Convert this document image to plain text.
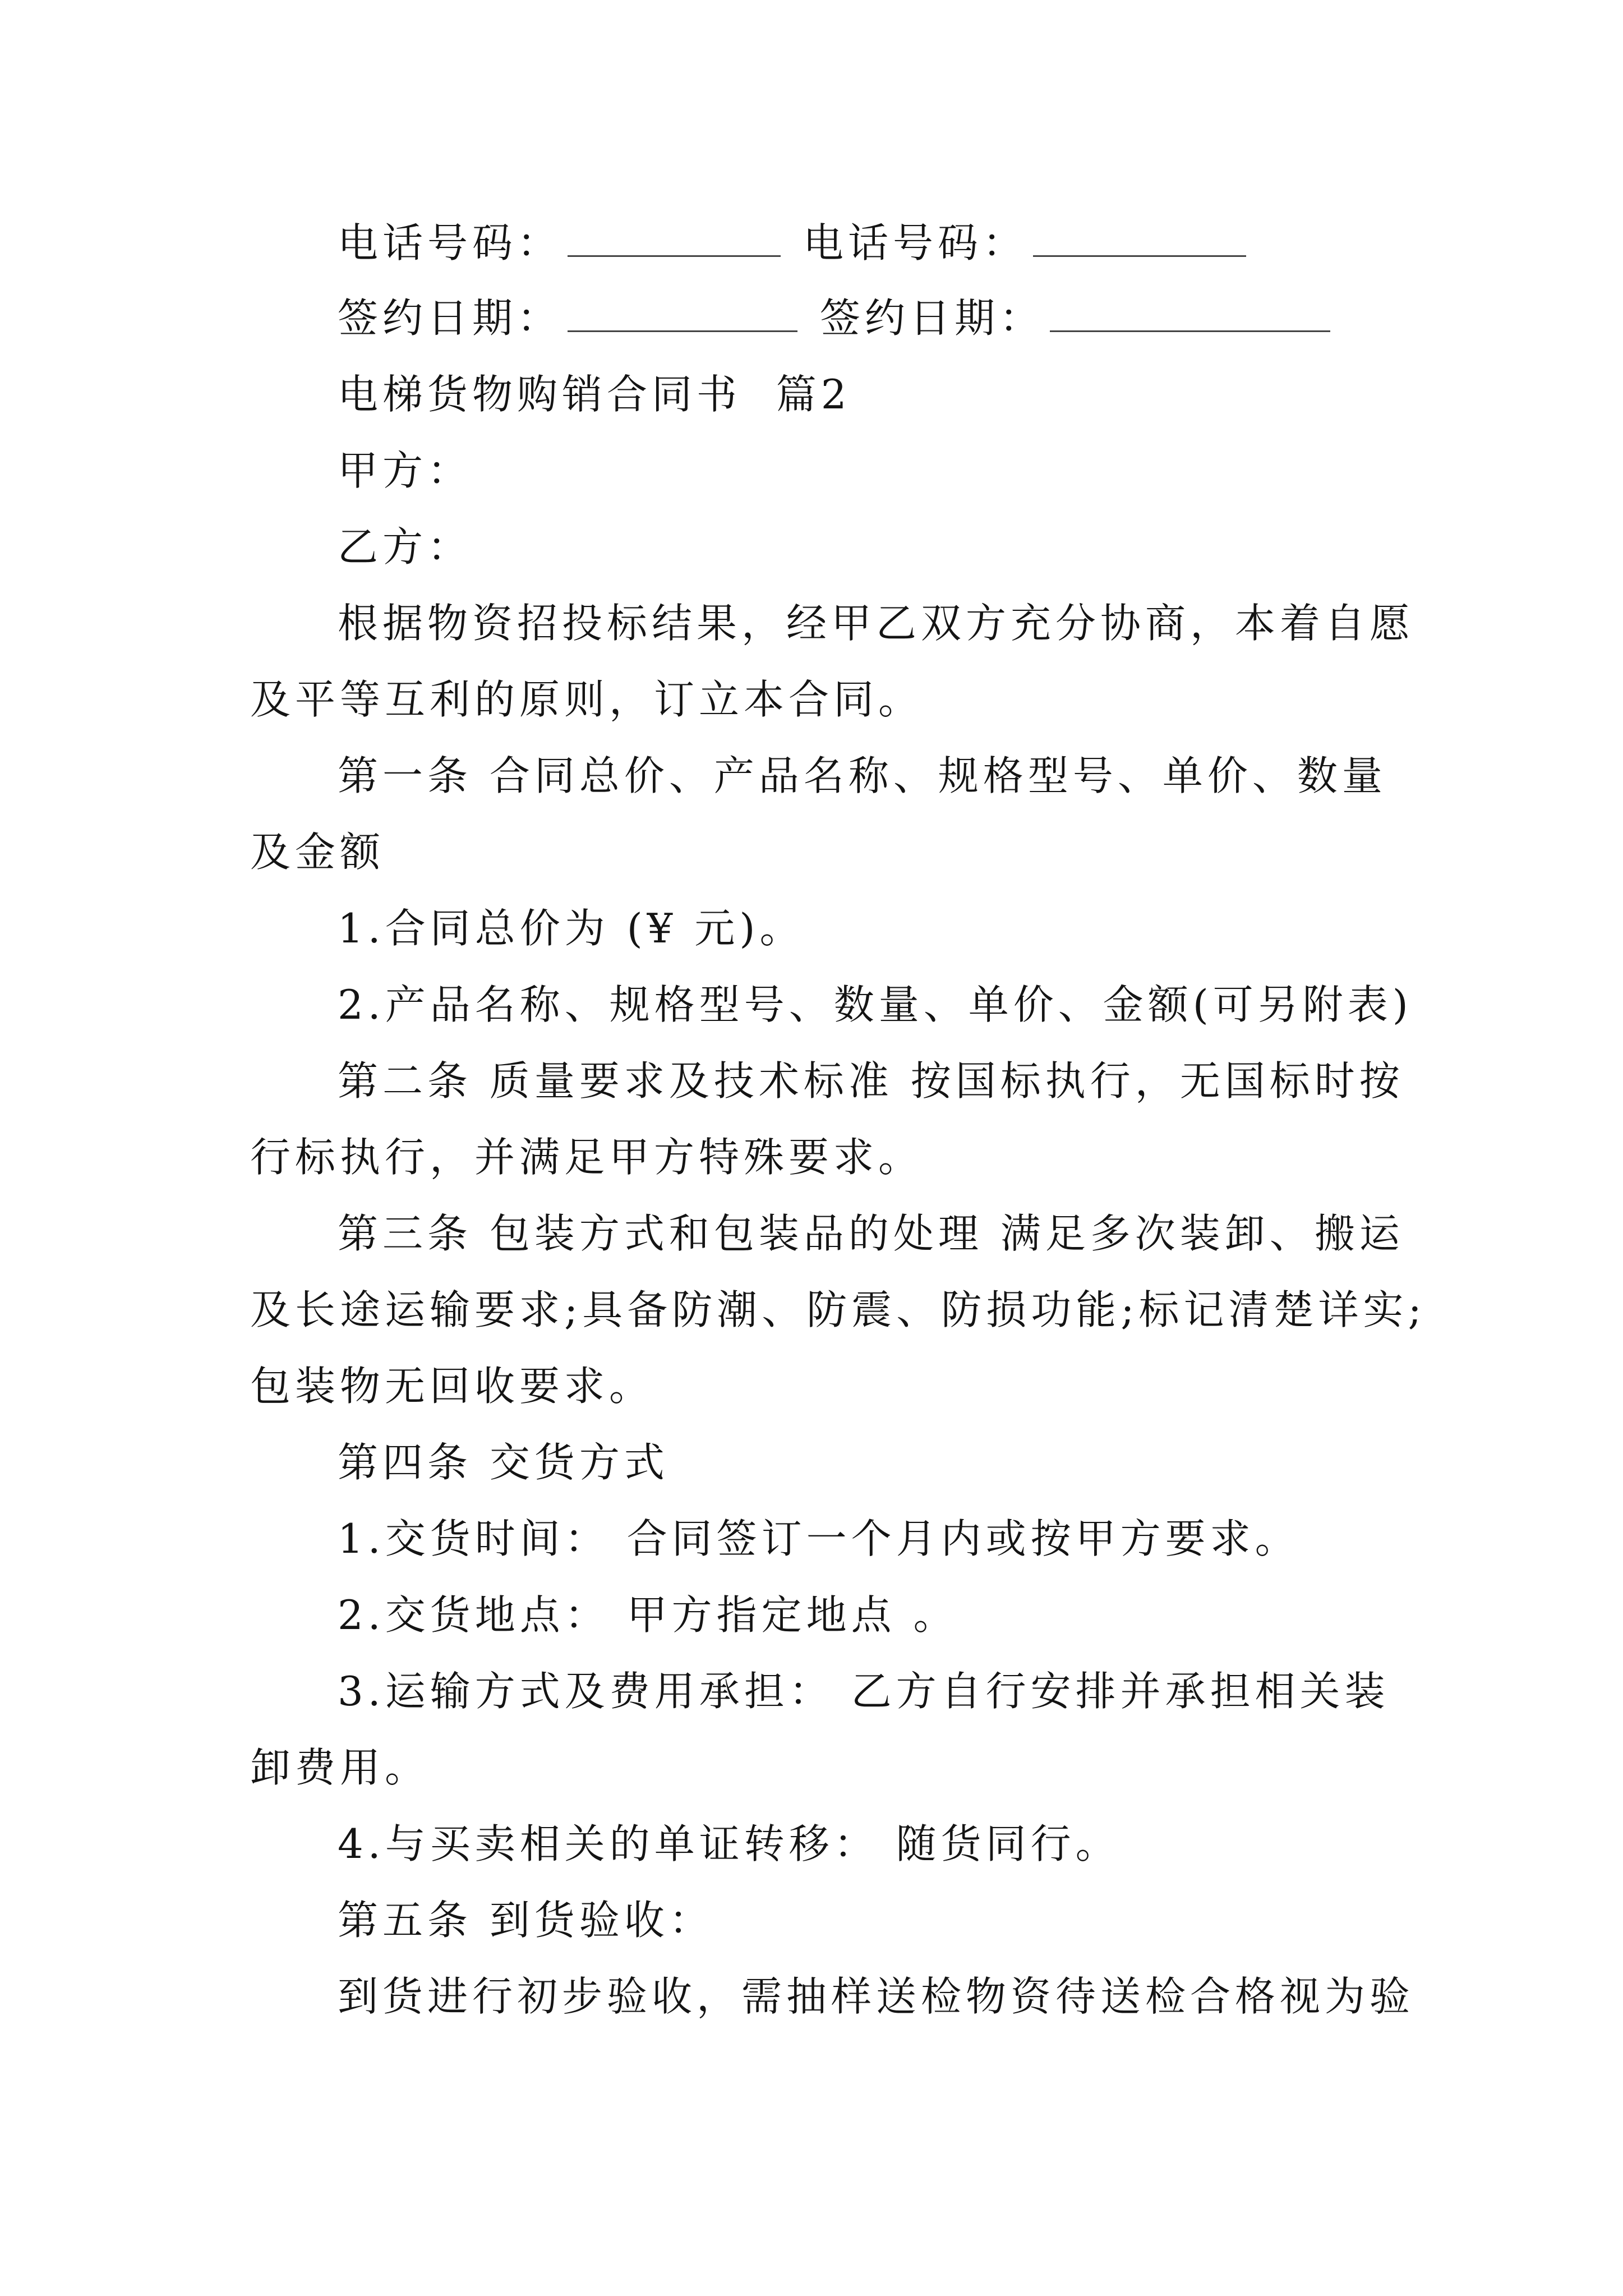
电话号码：	电话号码：
签约日期：	签约日期：
电梯货物购销合同书 篇2
甲方：
乙方：
根据物资招投标结果，经甲乙双方充分协商，本着自愿
及平等互利的原则，订立本合同。
第一条 合同总价、产品名称、规格型号、单价、数量
及金额
1.合同总价为 (¥ 元)。
2.产品名称、规格型号、数量、单价、金额(可另附表)
第二条 质量要求及技术标准 按国标执行，无国标时按
行标执行，并满足甲方特殊要求。
第三条 包装方式和包装品的处理 满足多次装卸、搬运
及长途运输要求;具备防潮、防震、防损功能;标记清楚详实;
包装物无回收要求。
第四条 交货方式
1.交货时间： 合同签订一个月内或按甲方要求。
2.交货地点： 甲方指定地点 。
3.运输方式及费用承担： 乙方自行安排并承担相关装
卸费用。
4.与买卖相关的单证转移： 随货同行。
第五条 到货验收：
到货进行初步验收，需抽样送检物资待送检合格视为验
